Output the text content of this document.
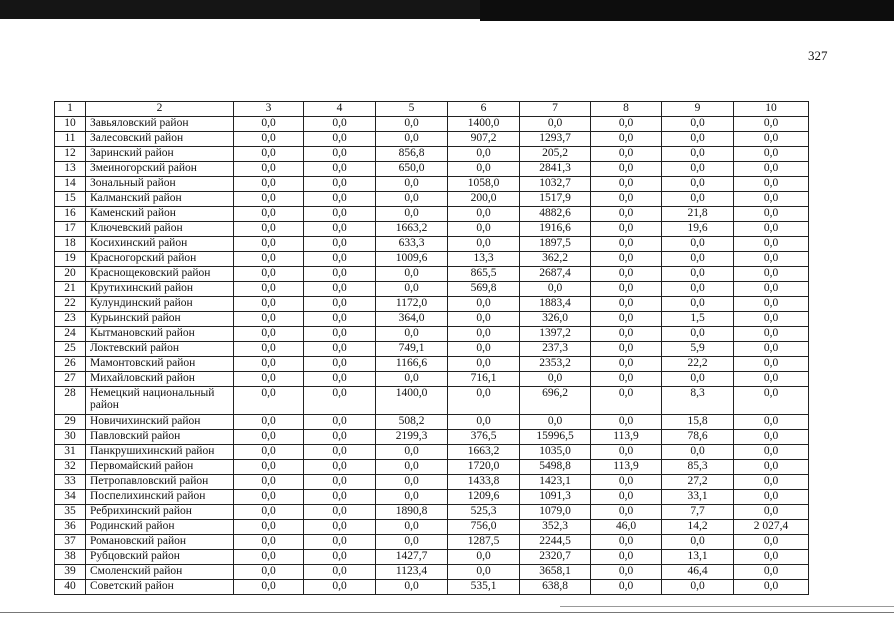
327
1	2	3	4	5	6	7	8	9	10
10	Завьяловский район	0,0	0,0	0,0	1400,0	0,0	0,0	0,0	0,0
11	Залесовский район	0,0	0,0	0,0	907,2	1293,7	0,0	0,0	0,0
12	Заринский район	0,0	0,0	856,8	0,0	205,2	0,0	0,0	0,0
13	Змеиногорский район	0,0	0,0	650,0	0,0	2841,3	0,0	0,0	0,0
14	Зональный район	0,0	0,0	0,0	1058,0	1032,7	0,0	0,0	0,0
15	Калманский район	0,0	0,0	0,0	200,0	1517,9	0,0	0,0	0,0
16	Каменский район	0,0	0,0	0,0	0,0	4882,6	0,0	21,8	0,0
17	Ключевский район	0,0	0,0	1663,2	0,0	1916,6	0,0	19,6	0,0
18	Косихинский район	0,0	0,0	633,3	0,0	1897,5	0,0	0,0	0,0
19	Красногорский район	0,0	0,0	1009,6	13,3	362,2	0,0	0,0	0,0
20	Краснощековский район	0,0	0,0	0,0	865,5	2687,4	0,0	0,0	0,0
21	Крутихинский район	0,0	0,0	0,0	569,8	0,0	0,0	0,0	0,0
22	Кулундинский район	0,0	0,0	1172,0	0,0	1883,4	0,0	0,0	0,0
23	Курьинский район	0,0	0,0	364,0	0,0	326,0	0,0	1,5	0,0
24	Кытмановский район	0,0	0,0	0,0	0,0	1397,2	0,0	0,0	0,0
25	Локтевский район	0,0	0,0	749,1	0,0	237,3	0,0	5,9	0,0
26	Мамонтовский район	0,0	0,0	1166,6	0,0	2353,2	0,0	22,2	0,0
27	Михайловский район	0,0	0,0	0,0	716,1	0,0	0,0	0,0	0,0
28	Немецкий национальный район	0,0	0,0	1400,0	0,0	696,2	0,0	8,3	0,0
29	Новичихинский район	0,0	0,0	508,2	0,0	0,0	0,0	15,8	0,0
30	Павловский район	0,0	0,0	2199,3	376,5	15996,5	113,9	78,6	0,0
31	Панкрушихинский район	0,0	0,0	0,0	1663,2	1035,0	0,0	0,0	0,0
32	Первомайский район	0,0	0,0	0,0	1720,0	5498,8	113,9	85,3	0,0
33	Петропавловский район	0,0	0,0	0,0	1433,8	1423,1	0,0	27,2	0,0
34	Поспелихинский район	0,0	0,0	0,0	1209,6	1091,3	0,0	33,1	0,0
35	Ребрихинский район	0,0	0,0	1890,8	525,3	1079,0	0,0	7,7	0,0
36	Родинский район	0,0	0,0	0,0	756,0	352,3	46,0	14,2	2 027,4
37	Романовский район	0,0	0,0	0,0	1287,5	2244,5	0,0	0,0	0,0
38	Рубцовский район	0,0	0,0	1427,7	0,0	2320,7	0,0	13,1	0,0
39	Смоленский район	0,0	0,0	1123,4	0,0	3658,1	0,0	46,4	0,0
40	Советский район	0,0	0,0	0,0	535,1	638,8	0,0	0,0	0,0
